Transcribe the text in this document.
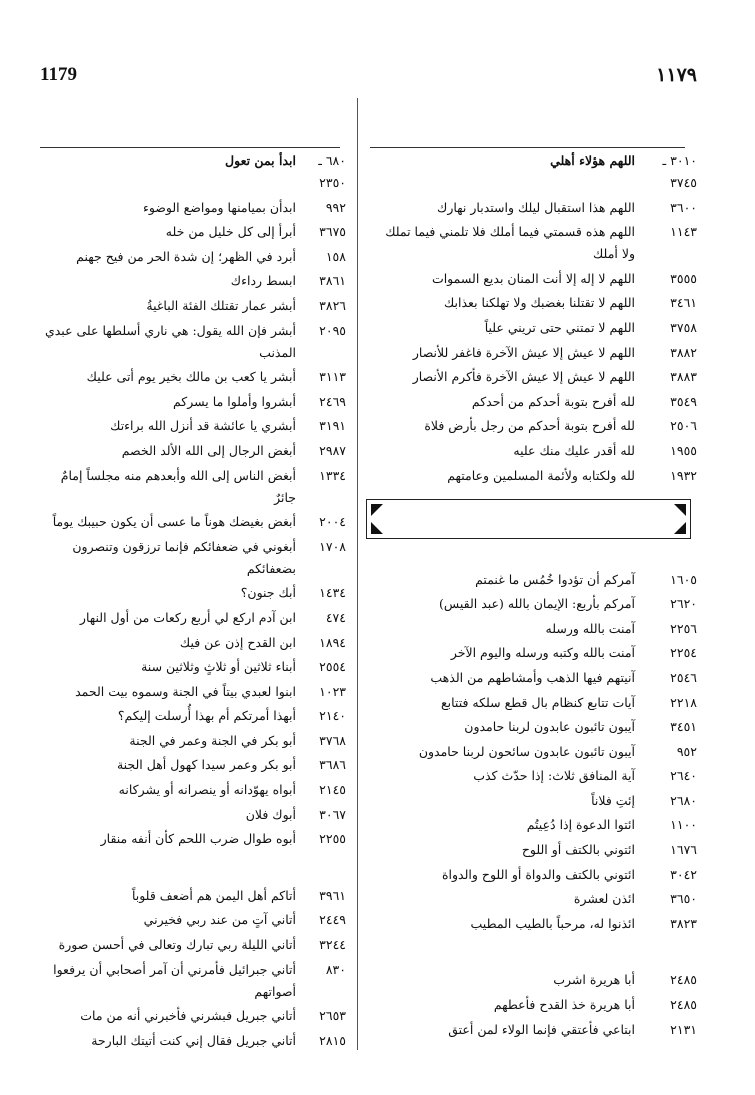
1179	١١٧٩
٣٠١٠ ـ ٣٧٤٥
اللهم هؤلاء أهلي
٣٦٠٠
اللهم هذا استقبال ليلك واستدبار نهارك
١١٤٣
اللهم هذه قسمتي فيما أملك فلا تلمني فيما تملك ولا أملك
٣٥٥٥
اللهم لا إله إلا أنت المنان بديع السموات
٣٤٦١
اللهم لا تقتلنا بغضبك ولا تهلكنا بعذابك
٣٧٥٨
اللهم لا تمتني حتى تريني علياً
٣٨٨٢
اللهم لا عيش إلا عيش الآخرة فاغفر للأنصار
٣٨٨٣
اللهم لا عيش إلا عيش الآخرة فأكرم الأنصار
٣٥٤٩
لله أفرح بتوبة أحدكم من أحدكم
٢٥٠٦
لله أفرح بتوبة أحدكم من رجل بأرض فلاة
١٩٥٥
لله أقدر عليك منك عليه
١٩٣٢
لله ولكتابه ولأئمة المسلمين وعامتهم
١٦٠٥
آمركم أن تؤدوا خُمُس ما غنمتم
٢٦٢٠
آمركم بأربع: الإيمان بالله (عبد القيس)
٢٢٥٦
آمنت بالله ورسله
٢٢٥٤
آمنت بالله وكتبه ورسله واليوم الآخر
٢٥٤٦
آنيتهم فيها الذهب وأمشاطهم من الذهب
٢٢١٨
آيات تتابع كنظام بال قطع سلكه فتتابع
٣٤٥١
آيبون تائبون عابدون لربنا حامدون
٩٥٢
آيبون تائبون عابدون سائحون لربنا حامدون
٢٦٤٠
آية المنافق ثلاث: إذا حدّث كذب
٢٦٨٠
إئتِ فلاناً
١١٠٠
ائتوا الدعوة إذا دُعِيتُم
١٦٧٦
ائتوني بالكتف أو اللوح
٣٠٤٢
ائتوني بالكتف والدواة أو اللوح والدواة
٣٦٥٠
ائذن لعشرة
٣٨٢٣
ائذنوا له، مرحباً بالطيب المطيب
٢٤٨٥
أبا هريرة اشرب
٢٤٨٥
أبا هريرة خذ القدح فأعطهم
٢١٣١
ابتاعي فأعتقي فإنما الولاء لمن أعتق
٦٨٠ ـ ٢٣٥٠
ابدأ بمن تعول
٩٩٢
ابدأن بميامنها ومواضع الوضوء
٣٦٧٥
أبرأ إلى كل خليل من خله
١٥٨
أبرد في الظهر؛ إن شدة الحر من فيح جهنم
٣٨٦١
ابسط رداءك
٣٨٢٦
أبشر عمار تقتلك الفئة الباغيةُ
٢٠٩٥
أبشر فإن الله يقول: هي ناري أسلطها على عبدي المذنب
٣١١٣
أبشر يا كعب بن مالك بخير يوم أتى عليك
٢٤٦٩
أبشروا وأملوا ما يسركم
٣١٩١
أبشري يا عائشة قد أنزل الله براءتك
٢٩٨٧
أبغض الرجال إلى الله الألد الخصم
١٣٣٤
أبغض الناس إلى الله وأبعدهم منه مجلساً إمامٌ جائرٌ
٢٠٠٤
أبغض بغيضك هوناً ما عسى أن يكون حبيبك يوماً
١٧٠٨
أبغوني في ضعفائكم فإنما ترزقون وتنصرون بضعفائكم
١٤٣٤
أبك جنون؟
٤٧٤
ابن آدم اركع لي أربع ركعات من أول النهار
١٨٩٤
ابن القدح إذن عن فيك
٢٥٥٤
أبناء ثلاثين أو ثلاثٍ وثلاثين سنة
١٠٢٣
ابنوا لعبدي بيتاً في الجنة وسموه بيت الحمد
٢١٤٠
أبهذا أمرتكم أم بهذا أُرسلت إليكم؟
٣٧٦٨
أبو بكر في الجنة وعمر في الجنة
٣٦٨٦
أبو بكر وعمر سيدا كهول أهل الجنة
٢١٤٥
أبواه يهوّدانه أو ينصرانه أو يشركانه
٣٠٦٧
أبوك فلان
٢٢٥٥
أبوه طوال ضرب اللحم كأن أنفه منقار
٣٩٦١
أتاكم أهل اليمن هم أضعف قلوباً
٢٤٤٩
أتاني آتٍ من عند ربي فخيرني
٣٢٤٤
أتاني الليلة ربي تبارك وتعالى في أحسن صورة
٨٣٠
أتاني جبرائيل فأمرني أن آمر أصحابي أن يرفعوا أصواتهم
٢٦٥٣
أتاني جبريل فبشرني فأخبرني أنه من مات
٢٨١٥
أتاني جبريل فقال إني كنت أتيتك البارحة
